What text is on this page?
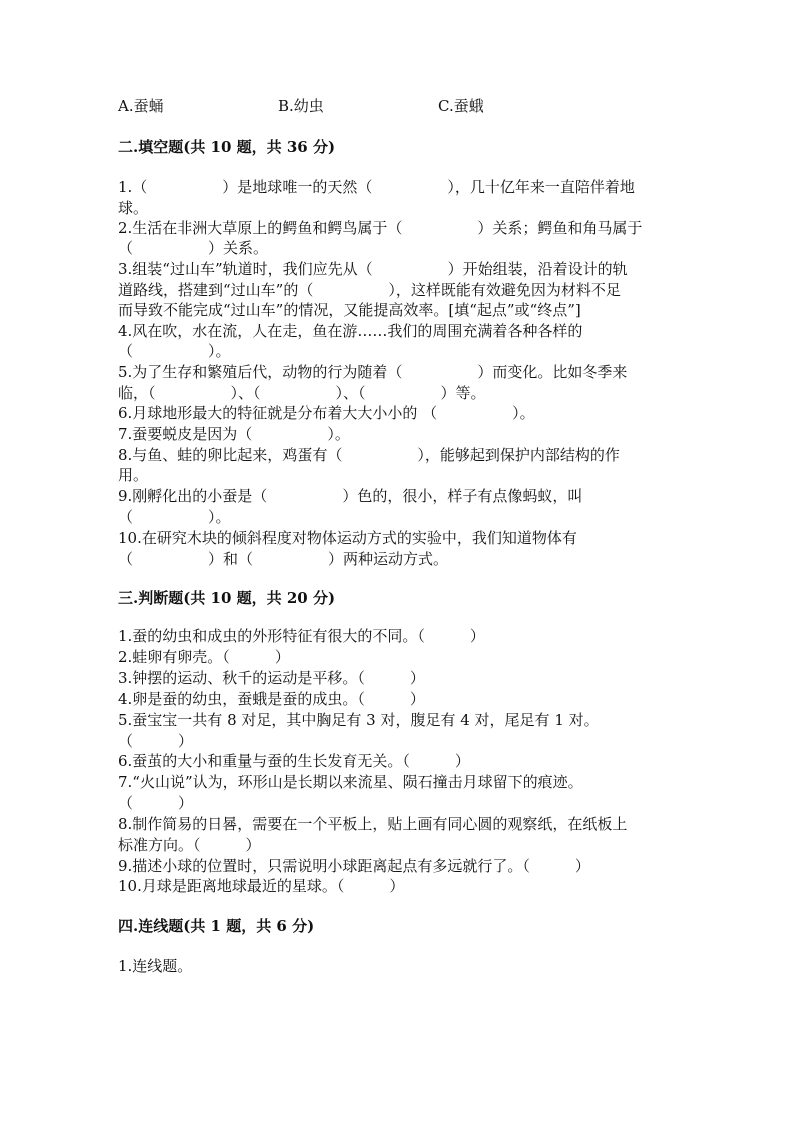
A.蚕蛹	B.幼虫	C.蚕蛾
二.填空题(共 10 题，共 36 分)
1.（　　　　　）是地球唯一的天然（　　　　　），几十亿年来一直陪伴着地
球。
2.生活在非洲大草原上的鳄鱼和鳄鸟属于（　　　　　）关系；鳄鱼和角马属于
（　　　　　）关系。
3.组装“过山车”轨道时，我们应先从（　　　　　）开始组装，沿着设计的轨
道路线，搭建到“过山车”的（　　　　　），这样既能有效避免因为材料不足
而导致不能完成“过山车”的情况，又能提高效率。[填“起点”或“终点”]
4.风在吹，水在流，人在走，鱼在游……我们的周围充满着各种各样的
（　　　　　）。
5.为了生存和繁殖后代，动物的行为随着（　　　　　）而变化。比如冬季来
临，（　　　　　）、（　　　　　）、（　　　　　）等。
6.月球地形最大的特征就是分布着大大小小的 （　　　　　）。
7.蚕要蜕皮是因为（　　　　　）。
8.与鱼、蛙的卵比起来，鸡蛋有（　　　　　），能够起到保护内部结构的作
用。
9.刚孵化出的小蚕是（　　　　　）色的，很小，样子有点像蚂蚁，叫
（　　　　　）。
10.在研究木块的倾斜程度对物体运动方式的实验中，我们知道物体有
（　　　　　）和（　　　　　）两种运动方式。
三.判断题(共 10 题，共 20 分)
1.蚕的幼虫和成虫的外形特征有很大的不同。（　　　）
2.蛙卵有卵壳。（　　　）
3.钟摆的运动、秋千的运动是平移。（　　　）
4.卵是蚕的幼虫，蚕蛾是蚕的成虫。（　　　）
5.蚕宝宝一共有 8 对足，其中胸足有 3 对，腹足有 4 对，尾足有 1 对。
（　　　）
6.蚕茧的大小和重量与蚕的生长发育无关。（　　　）
7.“火山说”认为，环形山是长期以来流星、陨石撞击月球留下的痕迹。
（　　　）
8.制作简易的日晷，需要在一个平板上，贴上画有同心圆的观察纸，在纸板上
标准方向。（　　　）
9.描述小球的位置时，只需说明小球距离起点有多远就行了。（　　　）
10.月球是距离地球最近的星球。（　　　）
四.连线题(共 1 题，共 6 分)
1.连线题。
